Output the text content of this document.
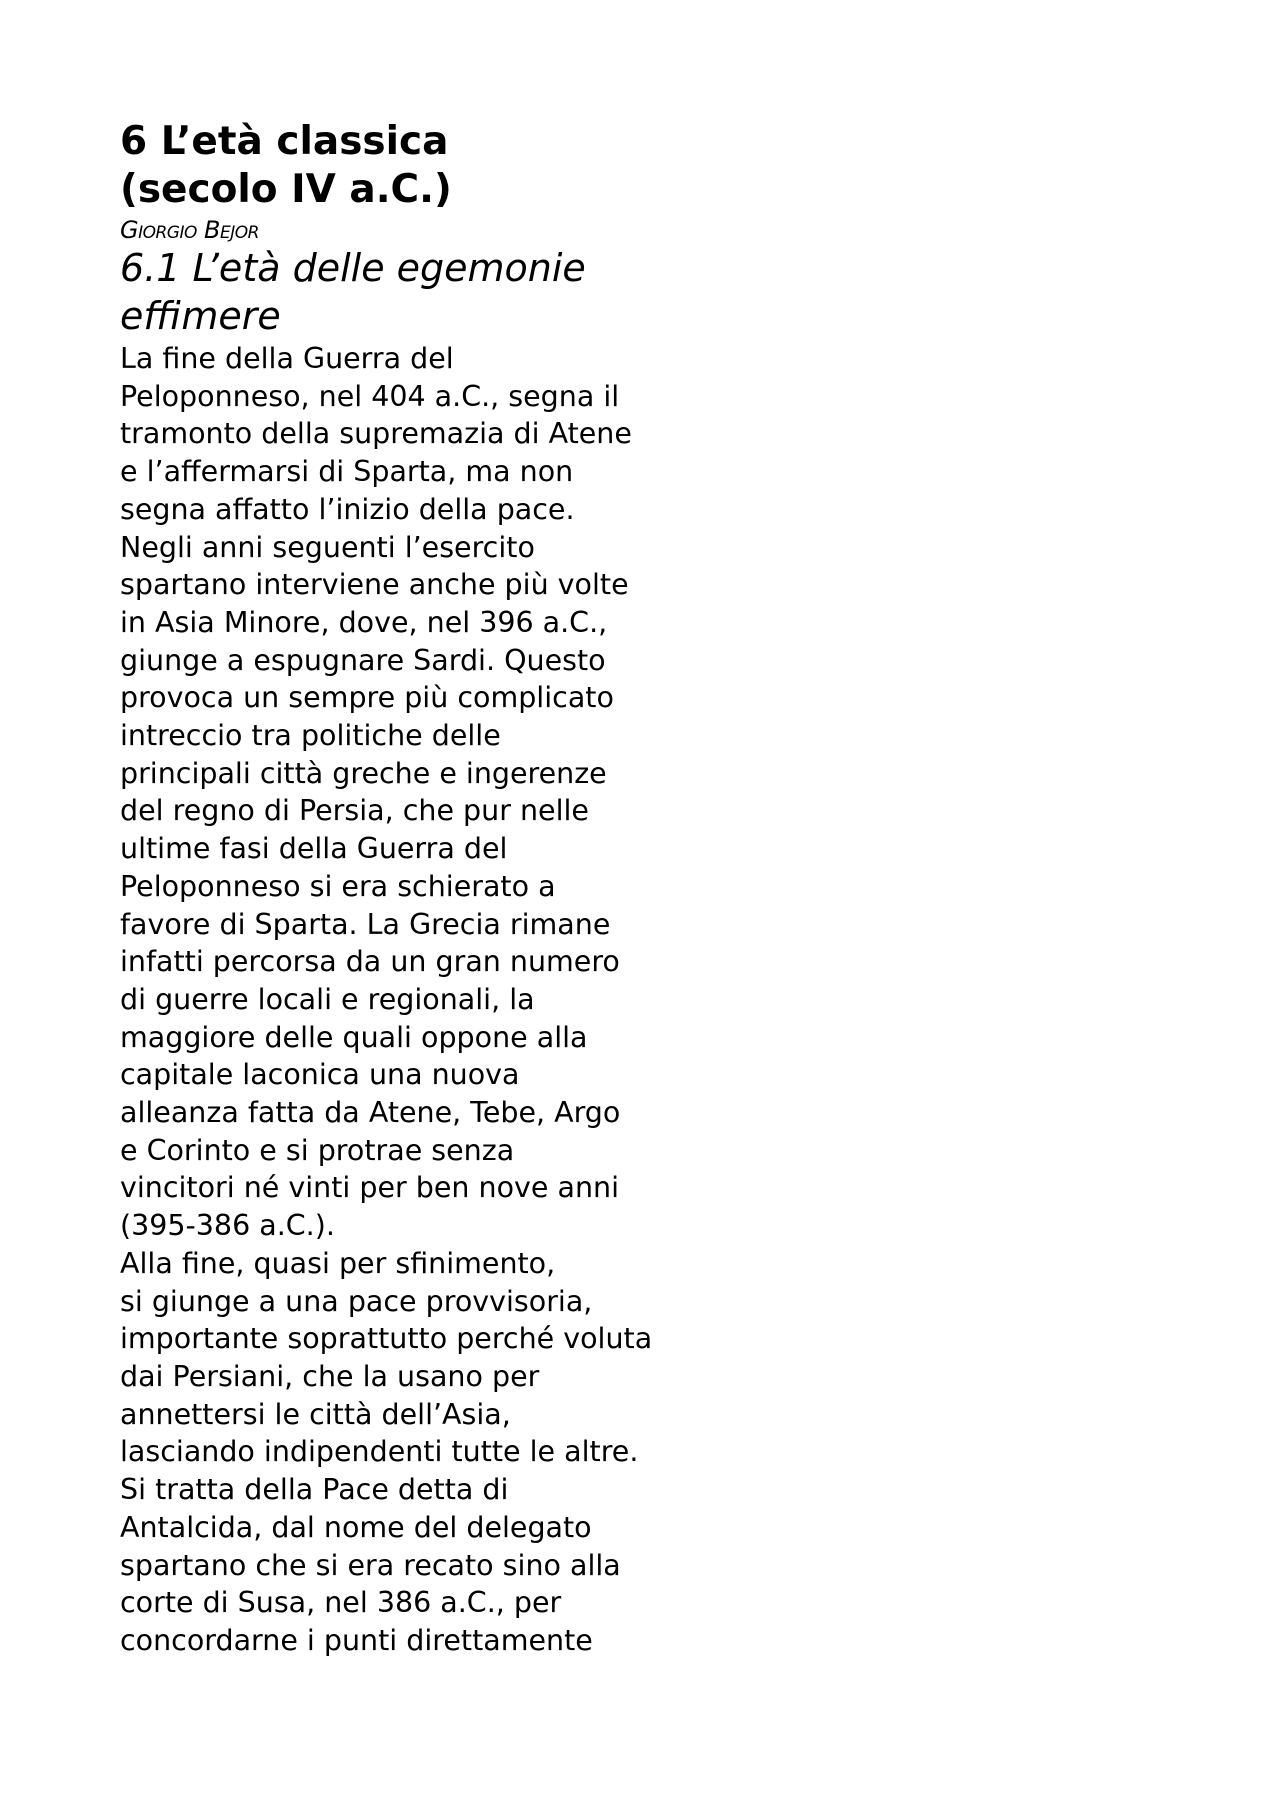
6 L’età classica
(secolo IV a.C.)
Giorgio Bejor
6.1 L’età delle egemonie
effimere
La fine della Guerra del
Peloponneso, nel 404 a.C., segna il
tramonto della supremazia di Atene
e l’affermarsi di Sparta, ma non
segna affatto l’inizio della pace.
Negli anni seguenti l’esercito
spartano interviene anche più volte
in Asia Minore, dove, nel 396 a.C.,
giunge a espugnare Sardi. Questo
provoca un sempre più complicato
intreccio tra politiche delle
principali città greche e ingerenze
del regno di Persia, che pur nelle
ultime fasi della Guerra del
Peloponneso si era schierato a
favore di Sparta. La Grecia rimane
infatti percorsa da un gran numero
di guerre locali e regionali, la
maggiore delle quali oppone alla
capitale laconica una nuova
alleanza fatta da Atene, Tebe, Argo
e Corinto e si protrae senza
vincitori né vinti per ben nove anni
(395-386 a.C.).
Alla fine, quasi per sfinimento,
si giunge a una pace provvisoria,
importante soprattutto perché voluta
dai Persiani, che la usano per
annettersi le città dell’Asia,
lasciando indipendenti tutte le altre.
Si tratta della Pace detta di
Antalcida, dal nome del delegato
spartano che si era recato sino alla
corte di Susa, nel 386 a.C., per
concordarne i punti direttamente
